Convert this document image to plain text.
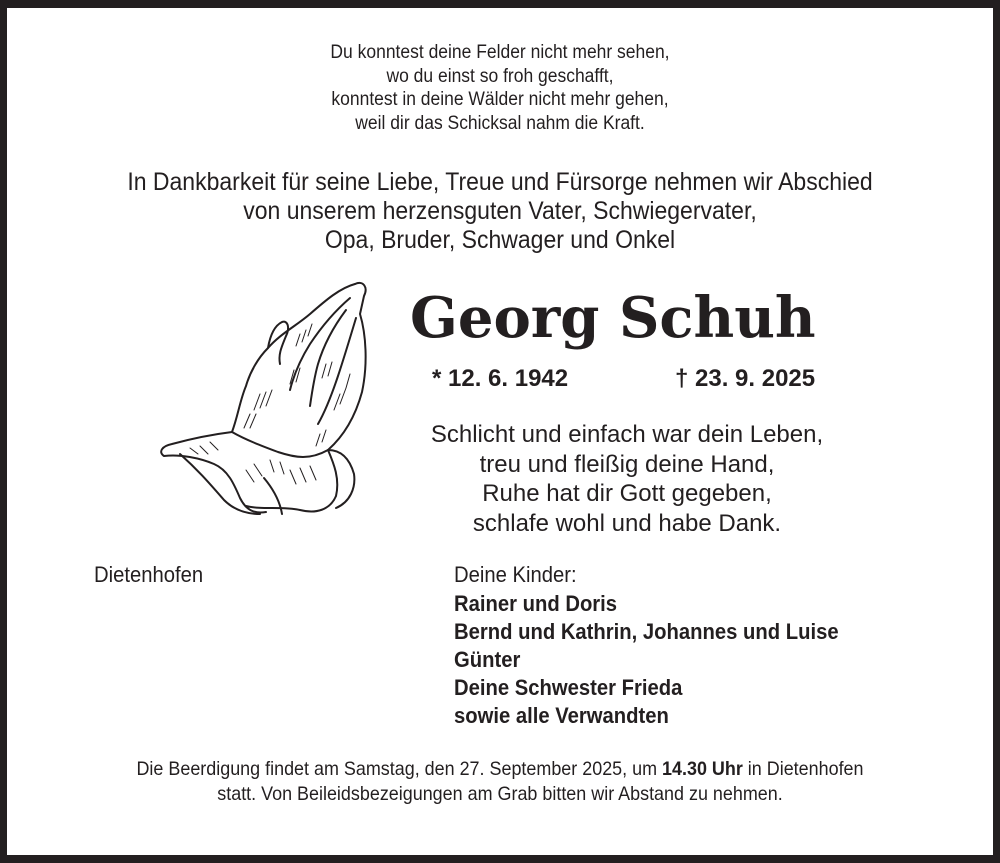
Du konntest deine Felder nicht mehr sehen,
wo du einst so froh geschafft,
konntest in deine Wälder nicht mehr gehen,
weil dir das Schicksal nahm die Kraft.
In Dankbarkeit für seine Liebe, Treue und Fürsorge nehmen wir Abschied
von unserem herzensguten Vater, Schwiegervater,
Opa, Bruder, Schwager und Onkel
Georg Schuh
* 12. 6. 1942	† 23. 9. 2025
Schlicht und einfach war dein Leben,
treu und fleißig deine Hand,
Ruhe hat dir Gott gegeben,
schlafe wohl und habe Dank.
Dietenhofen	Deine Kinder:
Rainer und Doris
Bernd und Kathrin, Johannes und Luise
Günter
Deine Schwester Frieda
sowie alle Verwandten
Die Beerdigung findet am Samstag, den 27. September 2025, um 14.30 Uhr in Dietenhofen
statt. Von Beileidsbezeigungen am Grab bitten wir Abstand zu nehmen.
